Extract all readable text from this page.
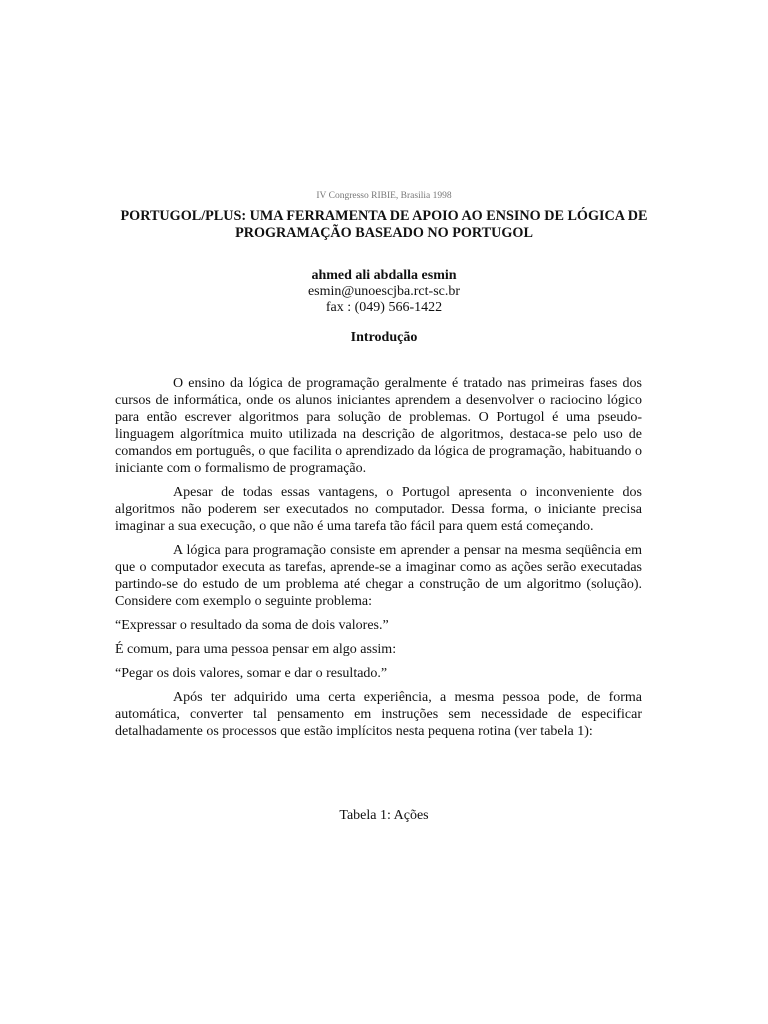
IV Congresso RIBIE, Brasilia 1998
PORTUGOL/PLUS: UMA FERRAMENTA DE APOIO AO ENSINO DE LÓGICA DE PROGRAMAÇÃO BASEADO NO PORTUGOL
ahmed ali abdalla esmin
esmin@unoescjba.rct-sc.br
fax : (049) 566-1422
Introdução

O ensino da lógica de programação geralmente é tratado nas primeiras fases dos cursos de informática, onde os alunos iniciantes aprendem a desenvolver o raciocino lógico para então escrever algoritmos para solução de problemas. O Portugol é uma pseudo-linguagem algorítmica muito utilizada na descrição de algoritmos, destaca-se pelo uso de comandos em português, o que facilita o aprendizado da lógica de programação, habituando o iniciante com o formalismo de programação.

Apesar de todas essas vantagens, o Portugol apresenta o inconveniente dos algoritmos não poderem ser executados no computador. Dessa forma, o iniciante precisa imaginar a sua execução, o que não é uma tarefa tão fácil para quem está começando.

A lógica para programação consiste em aprender a pensar na mesma seqüência em que o computador executa as tarefas, aprende-se a imaginar como as ações serão executadas partindo-se do estudo de um problema até chegar a construção de um algoritmo (solução). Considere com exemplo o seguinte problema:

“Expressar o resultado da soma de dois valores.”

É comum, para uma pessoa pensar em algo assim:

“Pegar os dois valores, somar e dar o resultado.”

Após ter adquirido uma certa experiência, a mesma pessoa pode, de forma automática, converter tal pensamento em instruções sem necessidade de especificar detalhadamente os processos que estão implícitos nesta pequena rotina (ver tabela 1):

Tabela 1: Ações
